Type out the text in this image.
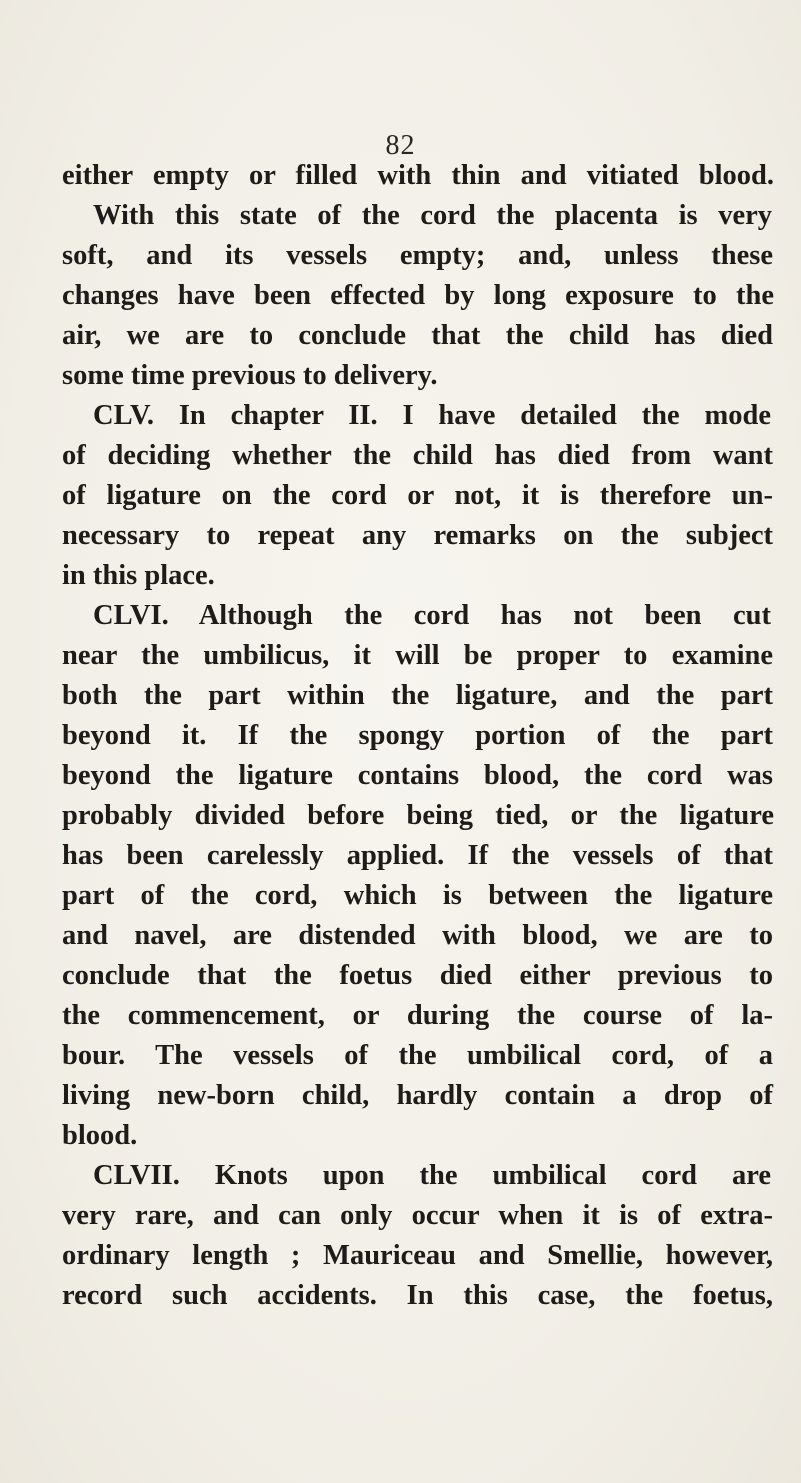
82
either empty or filled with thin and vitiated blood.
With this state of the cord the placenta is very
soft, and its vessels empty; and, unless these
changes have been effected by long exposure to the
air, we are to conclude that the child has died
some time previous to delivery.
CLV. In chapter II. I have detailed the mode
of deciding whether the child has died from want
of ligature on the cord or not, it is therefore un-
necessary to repeat any remarks on the subject
in this place.
CLVI. Although the cord has not been cut
near the umbilicus, it will be proper to examine
both the part within the ligature, and the part
beyond it. If the spongy portion of the part
beyond the ligature contains blood, the cord was
probably divided before being tied, or the ligature
has been carelessly applied. If the vessels of that
part of the cord, which is between the ligature
and navel, are distended with blood, we are to
conclude that the foetus died either previous to
the commencement, or during the course of la-
bour. The vessels of the umbilical cord, of a
living new-born child, hardly contain a drop of
blood.
CLVII. Knots upon the umbilical cord are
very rare, and can only occur when it is of extra-
ordinary length ; Mauriceau and Smellie, however,
record such accidents. In this case, the foetus,
